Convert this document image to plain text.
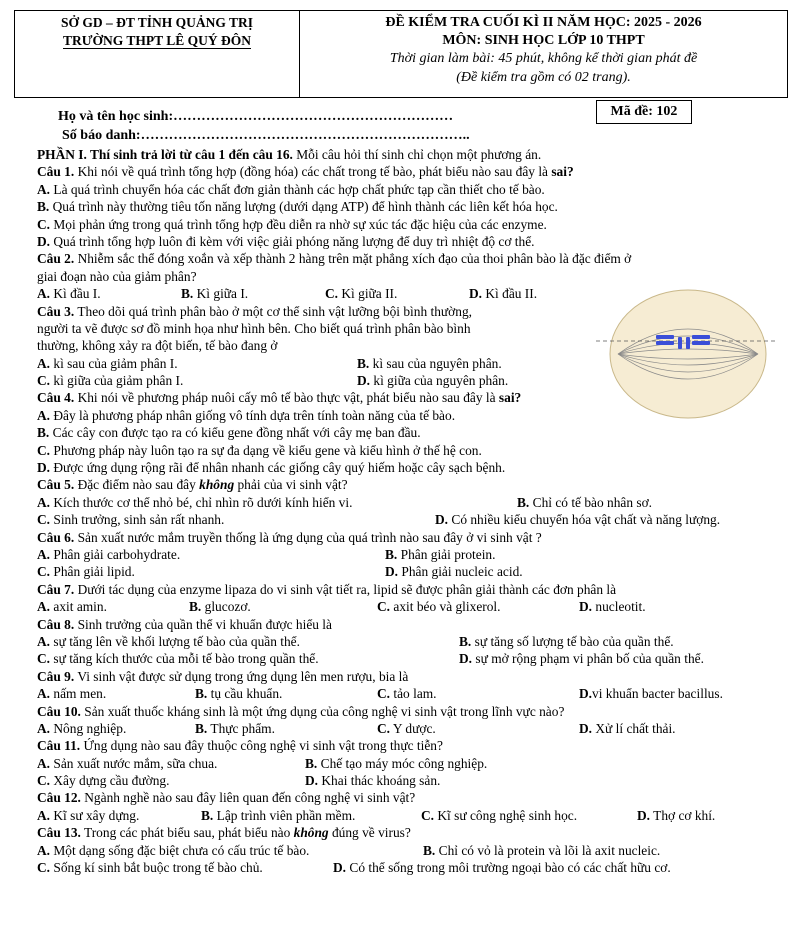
SỞ GD – ĐT TỈNH QUẢNG TRỊ
TRƯỜNG THPT LÊ QUÝ ĐÔN
ĐỀ KIỂM TRA CUỐI KÌ II NĂM HỌC: 2025 - 2026
MÔN: SINH HỌC LỚP 10 THPT
Thời gian làm bài: 45 phút, không kể thời gian phát đề
(Đề kiểm tra gồm có 02 trang).
Họ và tên học sinh:……………………………………………………
Số báo danh:……………………………………………………………..
Mã đề: 102
PHẦN I. Thí sinh trả lời từ câu 1 đến câu 16. Mỗi câu hỏi thí sinh chỉ chọn một phương án.
Câu 1. Khi nói về quá trình tổng hợp (đồng hóa) các chất trong tế bào, phát biểu nào sau đây là sai?
A. Là quá trình chuyển hóa các chất đơn giản thành các hợp chất phức tạp cần thiết cho tế bào.
B. Quá trình này thường tiêu tốn năng lượng (dưới dạng ATP) để hình thành các liên kết hóa học.
C. Mọi phản ứng trong quá trình tổng hợp đều diễn ra nhờ sự xúc tác đặc hiệu của các enzyme.
D. Quá trình tổng hợp luôn đi kèm với việc giải phóng năng lượng để duy trì nhiệt độ cơ thể.
Câu 2. Nhiễm sắc thể đóng xoắn và xếp thành 2 hàng trên mặt phẳng xích đạo của thoi phân bào là đặc điểm ở
giai đoạn nào của giảm phân?
A. Kì đầu I.	B. Kì giữa I.	C. Kì giữa II.	D. Kì đầu II.
Câu 3. Theo dõi quá trình phân bào ở một cơ thể sinh vật lưỡng bội bình thường,
người ta vẽ được sơ đồ minh họa như hình bên. Cho biết quá trình phân bào bình
thường, không xảy ra đột biến, tế bào đang ở
A. kì sau của giảm phân I.	B. kì sau của nguyên phân.
C. kì giữa của giảm phân I.	D. kì giữa của nguyên phân.
Câu 4. Khi nói về phương pháp nuôi cấy mô tế bào thực vật, phát biểu nào sau đây là sai?
A. Đây là phương pháp nhân giống vô tính dựa trên tính toàn năng của tế bào.
B. Các cây con được tạo ra có kiểu gene đồng nhất với cây mẹ ban đầu.
C. Phương pháp này luôn tạo ra sự đa dạng về kiểu gene và kiểu hình ở thế hệ con.
D. Được ứng dụng rộng rãi để nhân nhanh các giống cây quý hiếm hoặc cây sạch bệnh.
Câu 5. Đặc điểm nào sau đây không phải của vi sinh vật?
A. Kích thước cơ thể nhỏ bé, chỉ nhìn rõ dưới kính hiển vi.	B. Chỉ có tế bào nhân sơ.
C. Sinh trưởng, sinh sản rất nhanh.	D. Có nhiều kiểu chuyển hóa vật chất và năng lượng.
Câu 6. Sản xuất nước mắm truyền thống là ứng dụng của quá trình nào sau đây ở vi sinh vật ?
A. Phân giải carbohydrate.	B. Phân giải protein.
C. Phân giải lipid.	D. Phân giải nucleic acid.
Câu 7. Dưới tác dụng của enzyme lipaza do vi sinh vật tiết ra, lipid sẽ được phân giải thành các đơn phân là
A. axit amin.	B. glucozơ.	C. axit béo và glixerol.	D. nucleotit.
Câu 8. Sinh trưởng của quần thể vi khuẩn được hiểu là
A. sự tăng lên về khối lượng tế bào của quần thể.	B. sự tăng số lượng tế bào của quần thể.
C. sự tăng kích thước của mỗi tế bào trong quần thể.	D. sự mở rộng phạm vi phân bố của quần thể.
Câu 9. Vi sinh vật được sử dụng trong ứng dụng lên men rượu, bia là
A. nấm men.	B. tụ cầu khuẩn.	C. tảo lam.	D.vi khuẩn bacter bacillus.
Câu 10. Sản xuất thuốc kháng sinh là một ứng dụng của công nghệ vi sinh vật trong lĩnh vực nào?
A. Nông nghiệp.	B. Thực phẩm.	C. Y dược.	D. Xử lí chất thải.
Câu 11. Ứng dụng nào sau đây thuộc công nghệ vi sinh vật trong thực tiễn?
A. Sản xuất nước mắm, sữa chua.	B. Chế tạo máy móc công nghiệp.
C. Xây dựng cầu đường.	D. Khai thác khoáng sản.
Câu 12. Ngành nghề nào sau đây liên quan đến công nghệ vi sinh vật?
A. Kĩ sư xây dựng.	B. Lập trình viên phần mềm.	C. Kĩ sư công nghệ sinh học.	D. Thợ cơ khí.
Câu 13. Trong các phát biểu sau, phát biểu nào không đúng về virus?
A. Một dạng sống đặc biệt chưa có cấu trúc tế bào.	B. Chỉ có vỏ là protein và lõi là axit nucleic.
C. Sống kí sinh bắt buộc trong tế bào chủ.	D. Có thể sống trong môi trường ngoại bào có các chất hữu cơ.
